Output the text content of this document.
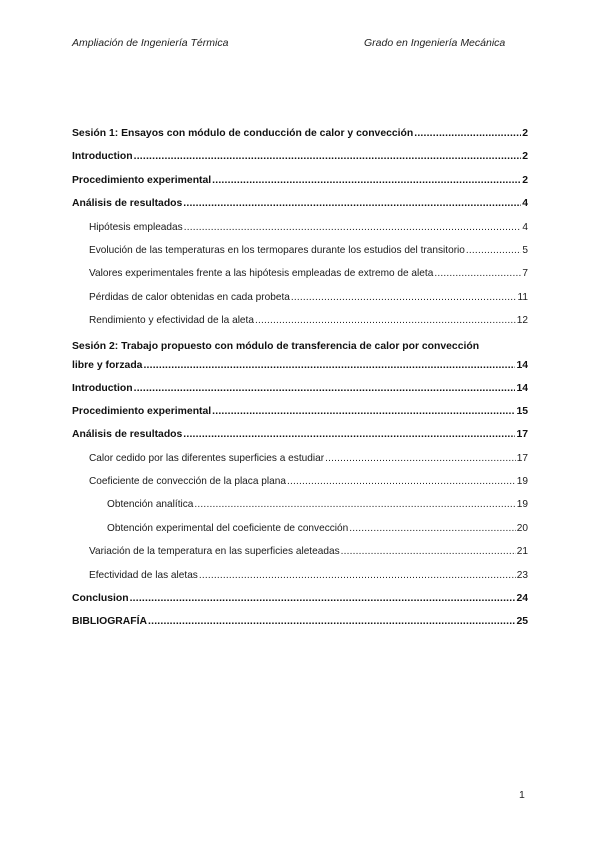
Ampliación de Ingeniería Térmica	Grado en Ingeniería Mecánica
Sesión 1: Ensayos con módulo de conducción de calor y convección .....	2
Introduction .....	2
Procedimiento experimental .....	2
Análisis de resultados .....	4
Hipótesis empleadas .....	4
Evolución de las temperaturas en los termopares durante los estudios del transitorio .....	5
Valores experimentales frente a las hipótesis empleadas de extremo de aleta .....	7
Pérdidas de calor obtenidas en cada probeta .....	11
Rendimiento y efectividad de la aleta .....	12
Sesión 2: Trabajo propuesto con módulo de transferencia de calor por convección
libre y forzada .....	14
Introduction .....	14
Procedimiento experimental .....	15
Análisis de resultados .....	17
Calor cedido por las diferentes superficies a estudiar .....	17
Coeficiente de convección de la placa plana .....	19
Obtención analítica .....	19
Obtención experimental del coeficiente de convección .....	20
Variación de la temperatura en las superficies aleteadas .....	21
Efectividad de las aletas .....	23
Conclusion .....	24
BIBLIOGRAFÍA .....	25
1
